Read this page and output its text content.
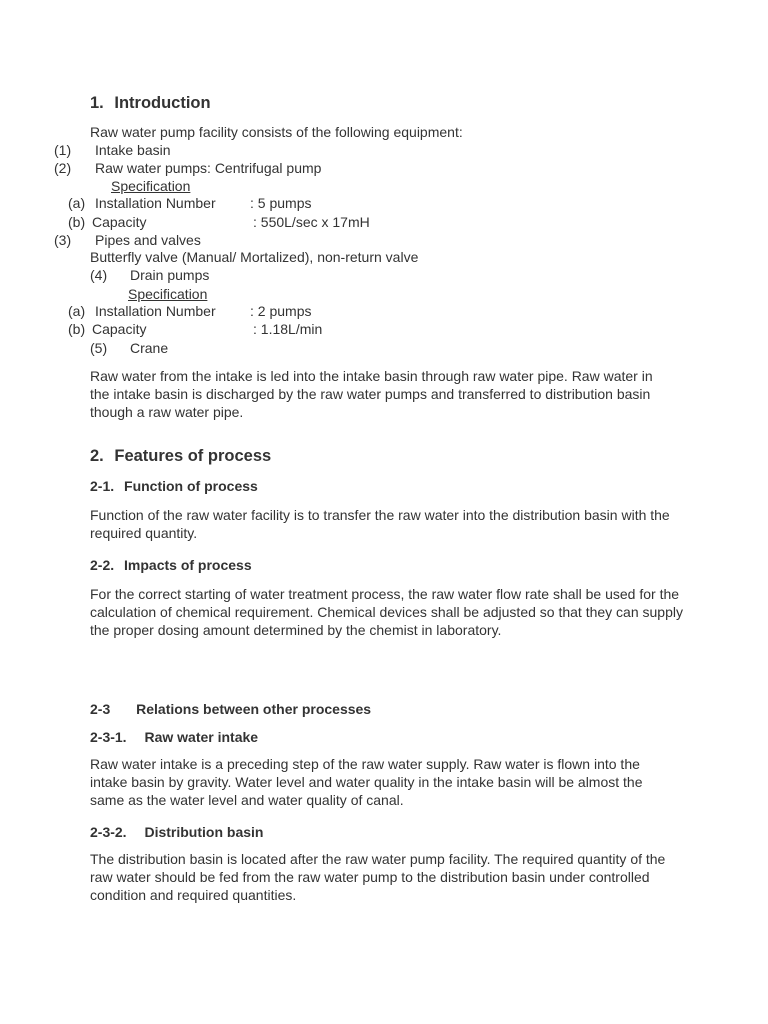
1. Introduction
Raw water pump facility consists of the following equipment:
(1) Intake basin
(2) Raw water pumps: Centrifugal pump
Specification
(a) Installation Number : 5 pumps
(b) Capacity	: 550L/sec x 17mH
(3) Pipes and valves
Butterfly valve (Manual/ Mortalized), non-return valve
(4) Drain pumps
Specification
(a) Installation Number : 2 pumps
(b) Capacity	: 1.18L/min
(5) Crane
Raw water from the intake is led into the intake basin through raw water pipe. Raw water in the intake basin is discharged by the raw water pumps and transferred to distribution basin though a raw water pipe.
2. Features of process
2-1. Function of process
Function of the raw water facility is to transfer the raw water into the distribution basin with the required quantity.
2-2. Impacts of process
For the correct starting of water treatment process, the raw water flow rate shall be used for the calculation of chemical requirement. Chemical devices shall be adjusted so that they can supply the proper dosing amount determined by the chemist in laboratory.
2-3 Relations between other processes
2-3-1. Raw water intake
Raw water intake is a preceding step of the raw water supply. Raw water is flown into the intake basin by gravity. Water level and water quality in the intake basin will be almost the same as the water level and water quality of canal.
2-3-2. Distribution basin
The distribution basin is located after the raw water pump facility. The required quantity of the raw water should be fed from the raw water pump to the distribution basin under controlled condition and required quantities.
